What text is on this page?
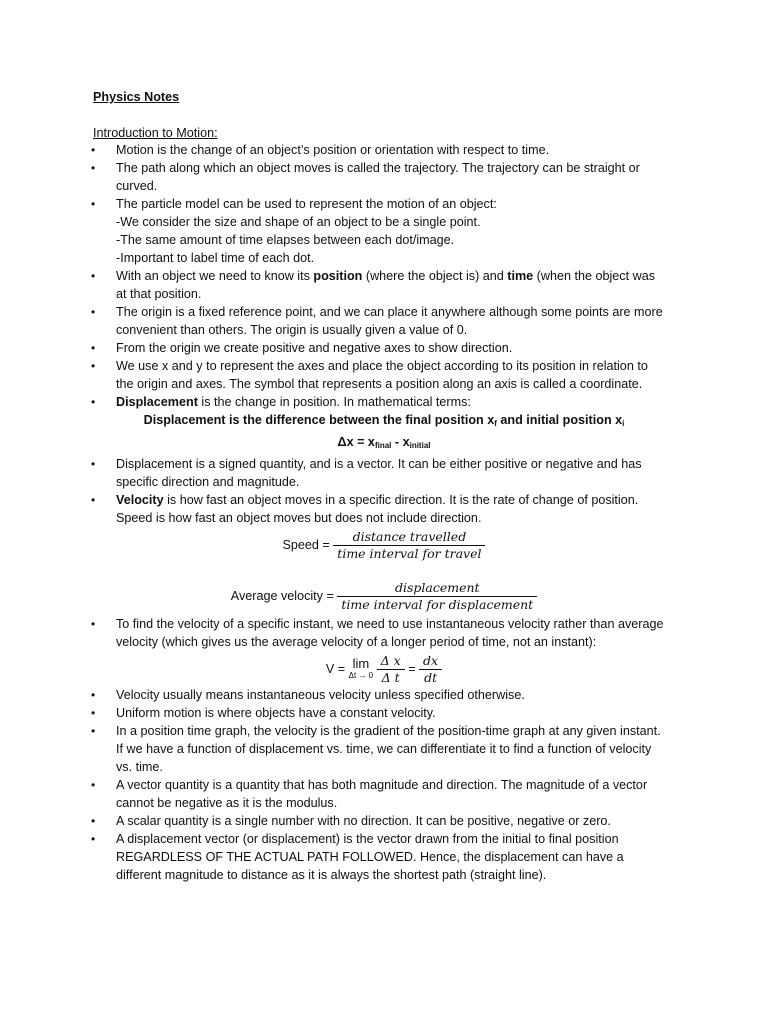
Physics Notes
Introduction to Motion:
• Motion is the change of an object’s position or orientation with respect to time.
• The path along which an object moves is called the trajectory. The trajectory can be straight or curved.
• The particle model can be used to represent the motion of an object:
-We consider the size and shape of an object to be a single point.
-The same amount of time elapses between each dot/image.
-Important to label time of each dot.
• With an object we need to know its position (where the object is) and time (when the object was at that position.
• The origin is a fixed reference point, and we can place it anywhere although some points are more convenient than others. The origin is usually given a value of 0.
• From the origin we create positive and negative axes to show direction.
• We use x and y to represent the axes and place the object according to its position in relation to the origin and axes. The symbol that represents a position along an axis is called a coordinate.
• Displacement is the change in position. In mathematical terms:
Displacement is the difference between the final position $x_f$ and initial position $x_i$
$\Delta x = x_{final} - x_{initial}$
• Displacement is a signed quantity, and is a vector. It can be either positive or negative and has specific direction and magnitude.
• Velocity is how fast an object moves in a specific direction. It is the rate of change of position. Speed is how fast an object moves but does not include direction.
Speed = $\frac{\text{distance travelled}}{\text{time interval for travel}}$
Average velocity = $\frac{\text{displacement}}{\text{time interval for displacement}}$
• To find the velocity of a specific instant, we need to use instantaneous velocity rather than average velocity (which gives us the average velocity of a longer period of time, not an instant):
V = lim
Δt → 0
$\frac{\text{Δ x}}{\text{Δ t}} = \frac{dx}{dt}$
• Velocity usually means instantaneous velocity unless specified otherwise.
• Uniform motion is where objects have a constant velocity.
• In a position time graph, the velocity is the gradient of the position-time graph at any given instant. If we have a function of displacement vs. time, we can differentiate it to find a function of velocity vs. time.
• A vector quantity is a quantity that has both magnitude and direction. The magnitude of a vector cannot be negative as it is the modulus.
• A scalar quantity is a single number with no direction. It can be positive, negative or zero.
• A displacement vector (or displacement) is the vector drawn from the initial to final position REGARDLESS OF THE ACTUAL PATH FOLLOWED. Hence, the displacement can have a different magnitude to distance as it is always the shortest path (straight line).
